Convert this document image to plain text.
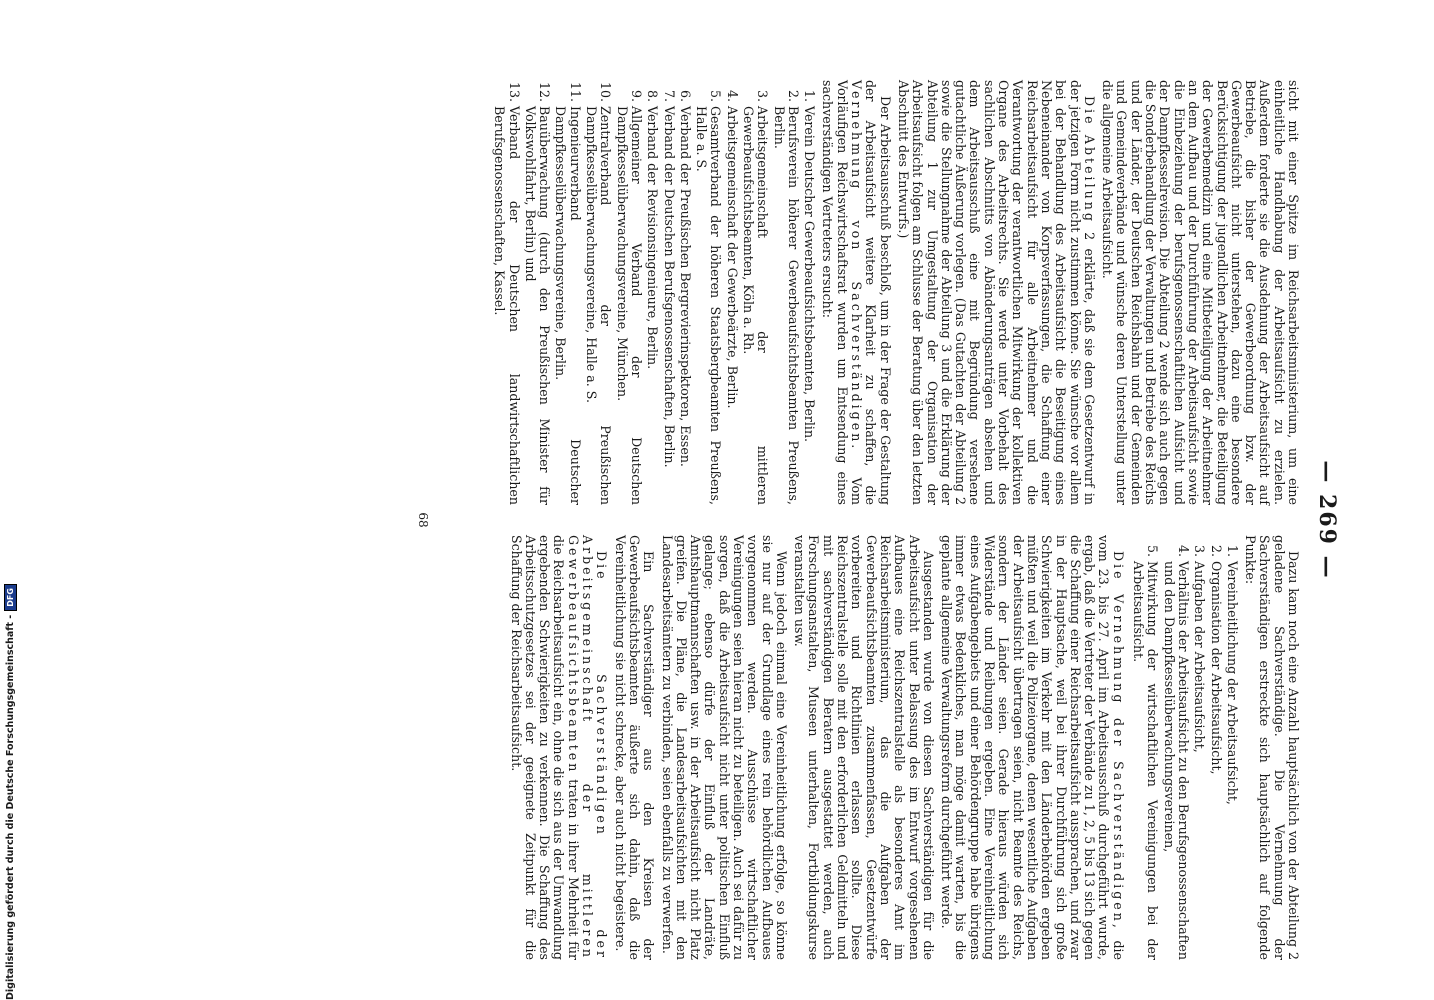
— 269 —

sicht mit einer Spitze im Reichsarbeitsministerium, um eine einheitliche Handhabung der Arbeitsaufsicht zu erzielen. Außerdem forderte sie die Ausdehnung der Arbeitsaufsicht auf Betriebe, die bisher der Gewerbeordnung bzw. der Gewerbeaufsicht nicht unterstehen, dazu eine besondere Berücksichtigung der jugendlichen Arbeitnehmer, die Beteiligung der Gewerbemedizin und eine Mitbeteiligung der Arbeitnehmer an dem Aufbau und der Durchführung der Arbeitsaufsicht sowie die Einbeziehung der berufsgenossenschaftlichen Aufsicht und der Dampfkesselrevision. Die Abteilung 2 wende sich auch gegen die Sonderbehandlung der Verwaltungen und Betriebe des Reichs und der Länder, der Deutschen Reichsbahn und der Gemeinden und Gemeindeverbände und wünsche deren Unterstellung unter die allgemeine Arbeitsaufsicht.

Die Abteilung 2 erklärte, daß sie dem Gesetzentwurf in der jetzigen Form nicht zustimmen könne. Sie wünsche vor allem bei der Behandlung des Arbeitsaufsicht die Beseitigung eines Nebeneinander von Korpsverfassungen, die Schaffung einer Reichsarbeitsaufsicht für alle Arbeitnehmer und die Verantwortung der verantwortlichen Mitwirkung der kollektiven Organe des Arbeitsrechts. Sie werde unter Vorbehalt des sachlichen Abschnitts von Abänderungsanträgen absehen und dem Arbeitsausschuß eine mit Begründung versehene gutachtliche Äußerung vorlegen. (Das Gutachten der Abteilung 2 sowie die Stellungnahme der Abteilung 3 und die Erklärung der Abteilung 1 zur Umgestaltung der Organisation der Arbeitsaufsicht folgen am Schlusse der Beratung über den letzten Abschnitt des Entwurfs.)

Der Arbeitsausschuß beschloß, um in der Frage der Gestaltung der Arbeitsaufsicht weitere Klarheit zu schaffen, die Vernehmung von Sachverständigen. Vom Vorläufigen Reichswirtschaftsrat wurden um Entsendung eines sachverständigen Vertreters ersucht:

1. Verein Deutscher Gewerbeaufsichtsbeamten, Berlin.
2. Berufsverein höherer Gewerbeaufsichtsbeamten Preußens, Berlin.
3. Arbeitsgemeinschaft der mittleren Gewerbeaufsichtsbeamten, Köln a. Rh.
4. Arbeitsgemeinschaft der Gewerbeärzte, Berlin.
5. Gesamtverband der höheren Staatsbergbeamten Preußens, Halle a. S.
6. Verband der Preußischen Bergrevierinspektoren, Essen.
7. Verband der Deutschen Berufsgenossenschaften, Berlin.
8. Verband der Revisionsingenieure, Berlin.
9. Allgemeiner Verband der Deutschen Dampfkesselüberwachungsvereine, München.
10. Zentralverband der Preußischen Dampfkesselüberwachungsvereine, Halle a. S.
11. Ingenieurverband Deutscher Dampfkesselüberwachungsvereine, Berlin.
12. Bauüberwachung (durch den Preußischen Minister für Volkswohlfahrt, Berlin) und
13. Verband der Deutschen landwirtschaftlichen Berufsgenossenschaften, Kassel.

Dazu kam noch eine Anzahl hauptsächlich von der Abteilung 2 geladene Sachverständige. Die Vernehmung der Sachverständigen erstreckte sich hauptsächlich auf folgende Punkte:

1. Vereinheitlichung der Arbeitsaufsicht,
2. Organisation der Arbeitsaufsicht,
3. Aufgaben der Arbeitsaufsicht,
4. Verhältnis der Arbeitsaufsicht zu den Berufsgenossenschaften und den Dampfkesselüberwachungsvereinen,
5. Mitwirkung der wirtschaftlichen Vereinigungen bei der Arbeitsaufsicht.

Die Vernehmung der Sachverständigen, die vom 23. bis 27. April im Arbeitsausschuß durchgeführt wurde, ergab, daß die Vertreter der Verbände zu 1, 2, 5 bis 13 sich gegen die Schaffung einer Reichsarbeitsaufsicht aussprachen, und zwar in der Hauptsache, weil bei ihrer Durchführung sich große Schwierigkeiten im Verkehr mit den Länderbehörden ergeben müßten und weil die Polizeiorgane, denen wesentliche Aufgaben der Arbeitsaufsicht übertragen seien, nicht Beamte des Reichs, sondern der Länder seien. Gerade hieraus würden sich Widerstände und Reibungen ergeben. Eine Vereinheitlichung eines Aufgabengebiets und einer Behördengruppe habe übrigens immer etwas Bedenkliches, man möge damit warten, bis die geplante allgemeine Verwaltungsreform durchgeführt werde.

Ausgestanden wurde von diesen Sachverständigen für die Arbeitsaufsicht unter Belassung des im Entwurf vorgesehenen Aufbaues eine Reichszentralstelle als besonderes Amt im Reichsarbeitsministerium, das die Aufgaben der Gewerbeaufsichtsbeamten zusammenfassen, Gesetzentwürfe vorbereiten und Richtlinien erlassen sollte. Diese Reichszentralstelle solle mit den erforderlichen Geldmitteln und mit sachverständigen Beratern ausgestattet werden, auch Forschungsanstalten, Museen unterhalten, Fortbildungskurse veranstalten usw.

Wenn jedoch einmal eine Vereinheitlichung erfolge, so könne sie nur auf der Grundlage eines rein behördlichen Aufbaues vorgenommen werden. Ausschüsse wirtschaftlicher Vereinigungen seien hieran nicht zu beteiligen. Auch sei dafür zu sorgen, daß die Arbeitsaufsicht nicht unter politischen Einfluß gelange; ebenso dürfe der Einfluß der Landräte, Amtshauptmannschaften usw. in der Arbeitsaufsicht nicht Platz greifen. Die Pläne, die Landesarbeitsaufsichten mit den Landesarbeitsämtern zu verbinden, seien ebenfalls zu verwerfen.

Ein Sachverständiger aus den Kreisen der Gewerbeaufsichtsbeamten äußerte sich dahin, daß die Vereinheitlichung sie nicht schrecke, aber auch nicht begeistere.

Die Sachverständigen der Arbeitsgemeinschaft der mittleren Gewerbeaufsichtsbeamten traten in ihrer Mehrheit für die Reichsarbeitsaufsicht ein, ohne die sich aus der Umwandlung ergebenden Schwierigkeiten zu verkennen. Die Schaffung des Arbeitsschutzgesetzes sei der geeignete Zeitpunkt für die Schaffung der Reichsarbeitsaufsicht.

68
Digitalisierung gefördert durch die Deutsche Forschungsgemeinschaft -
DFG
